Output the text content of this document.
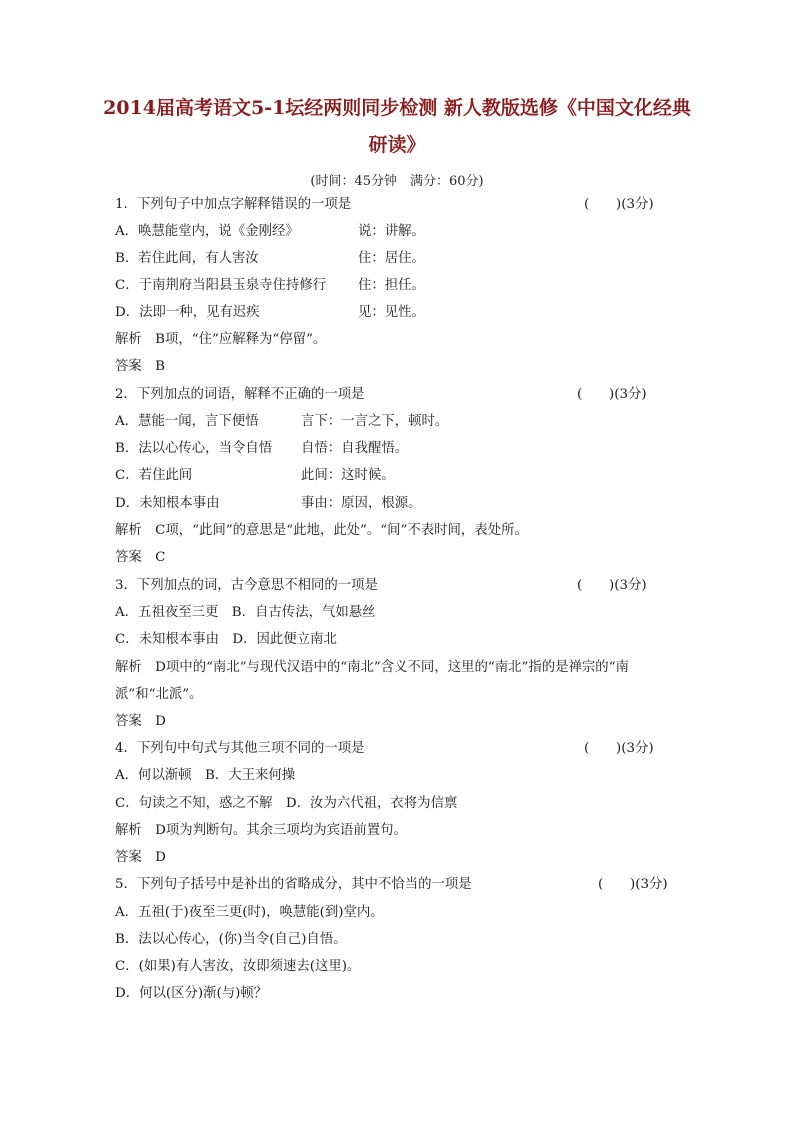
2014届高考语文5-1坛经两则同步检测 新人教版选修《中国文化经典
研读》
(时间：45分钟　满分：60分)
1．下列句子中加点字解释错误的一项是	(　　)(3分)
A．唤慧能堂内，说《金刚经》	说：讲解。
B．若住此间，有人害汝	住：居住。
C．于南荆府当阳县玉泉寺住持修行 住：担任。
D．法即一种，见有迟疾	见：见性。
解析　B项，“住”应解释为“停留”。
答案　B
2．下列加点的词语，解释不正确的一项是	(　　)(3分)
A．慧能一闻，言下便悟	言下：一言之下，顿时。
B．法以心传心，当令自悟 自悟：自我醒悟。
C．若住此间	此间：这时候。
D．未知根本事由	事由：原因，根源。
解析　C项，“此间”的意思是“此地，此处”。“间”不表时间，表处所。
答案　C
3．下列加点的词，古今意思不相同的一项是	(　　)(3分)
A．五祖夜至三更　B．自古传法，气如悬丝
C．未知根本事由　D．因此便立南北
解析　D项中的“南北”与现代汉语中的“南北”含义不同，这里的“南北”指的是禅宗的“南
派”和“北派”。
答案　D
4．下列句中句式与其他三项不同的一项是	(　　)(3分)
A．何以渐顿　B．大王来何操
C．句读之不知，惑之不解　D．汝为六代祖，衣将为信禀
解析　D项为判断句。其余三项均为宾语前置句。
答案　D
5．下列句子括号中是补出的省略成分，其中不恰当的一项是	(　　)(3分)
A．五祖(于)夜至三更(时)，唤慧能(到)堂内。
B．法以心传心，(你)当令(自己)自悟。
C．(如果)有人害汝，汝即须速去(这里)。
D．何以(区分)渐(与)顿？
